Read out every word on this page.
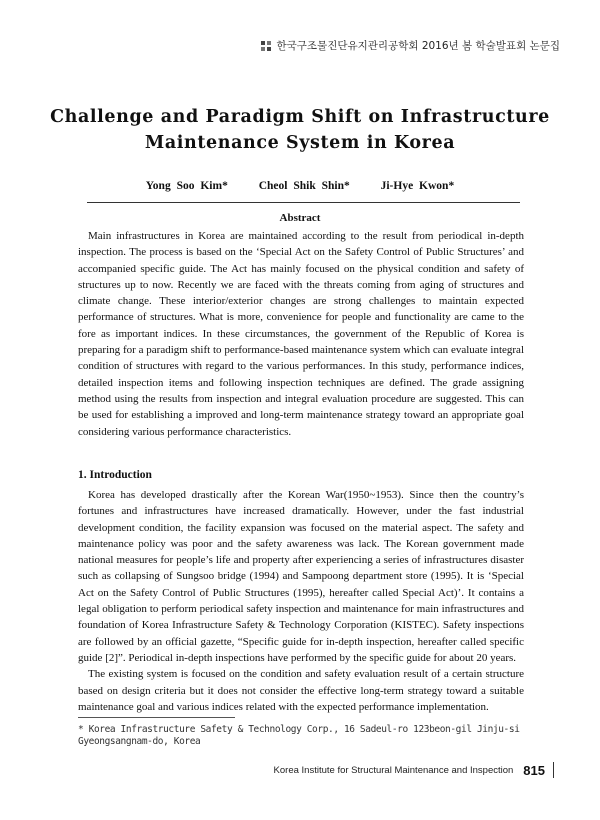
한국구조물진단유지관리공학회 2016년 봄 학술발표회 논문집
Challenge and Paradigm Shift on Infrastructure
Maintenance System in Korea
Yong Soo Kim*	Cheol Shik Shin*	Ji-Hye Kwon*
Abstract

Main infrastructures in Korea are maintained according to the result from periodical in-depth inspection. The process is based on the ‘Special Act on the Safety Control of Public Structures’ and accompanied specific guide. The Act has mainly focused on the physical condition and safety of structures up to now. Recently we are faced with the threats coming from aging of structures and climate change. These interior/exterior changes are strong challenges to maintain expected performance of structures. What is more, convenience for people and functionality are came to the fore as important indices. In these circumstances, the government of the Republic of Korea is preparing for a paradigm shift to performance-based maintenance system which can evaluate integral condition of structures with regard to the various performances. In this study, performance indices, detailed inspection items and following inspection techniques are defined. The grade assigning method using the results from inspection and integral evaluation procedure are suggested. This can be used for establishing a improved and long-term maintenance strategy toward an appropriate goal considering various performance characteristics.

1. Introduction

Korea has developed drastically after the Korean War(1950~1953). Since then the country’s fortunes and infrastructures have increased dramatically. However, under the fast industrial development condition, the facility expansion was focused on the material aspect. The safety and maintenance policy was poor and the safety awareness was lack. The Korean government made national measures for people’s life and property after experiencing a series of infrastructures disaster such as collapsing of Sungsoo bridge (1994) and Sampoong department store (1995). It is ‘Special Act on the Safety Control of Public Structures (1995), hereafter called Special Act)’. It contains a legal obligation to perform periodical safety inspection and maintenance for main infrastructures and foundation of Korea Infrastructure Safety & Technology Corporation (KISTEC). Safety inspections are followed by an official gazette, “Specific guide for in-depth inspection, hereafter called specific guide [2]”. Periodical in-depth inspections have performed by the specific guide for about 20 years.

The existing system is focused on the condition and safety evaluation result of a certain structure based on design criteria but it does not consider the effective long-term strategy toward a suitable maintenance goal and various indices related with the expected performance implementation.

* Korea Infrastructure Safety & Technology Corp., 16 Sadeul-ro 123beon-gil Jinju-si Gyeongsangnam-do, Korea
Korea Institute for Structural Maintenance and Inspection 815
